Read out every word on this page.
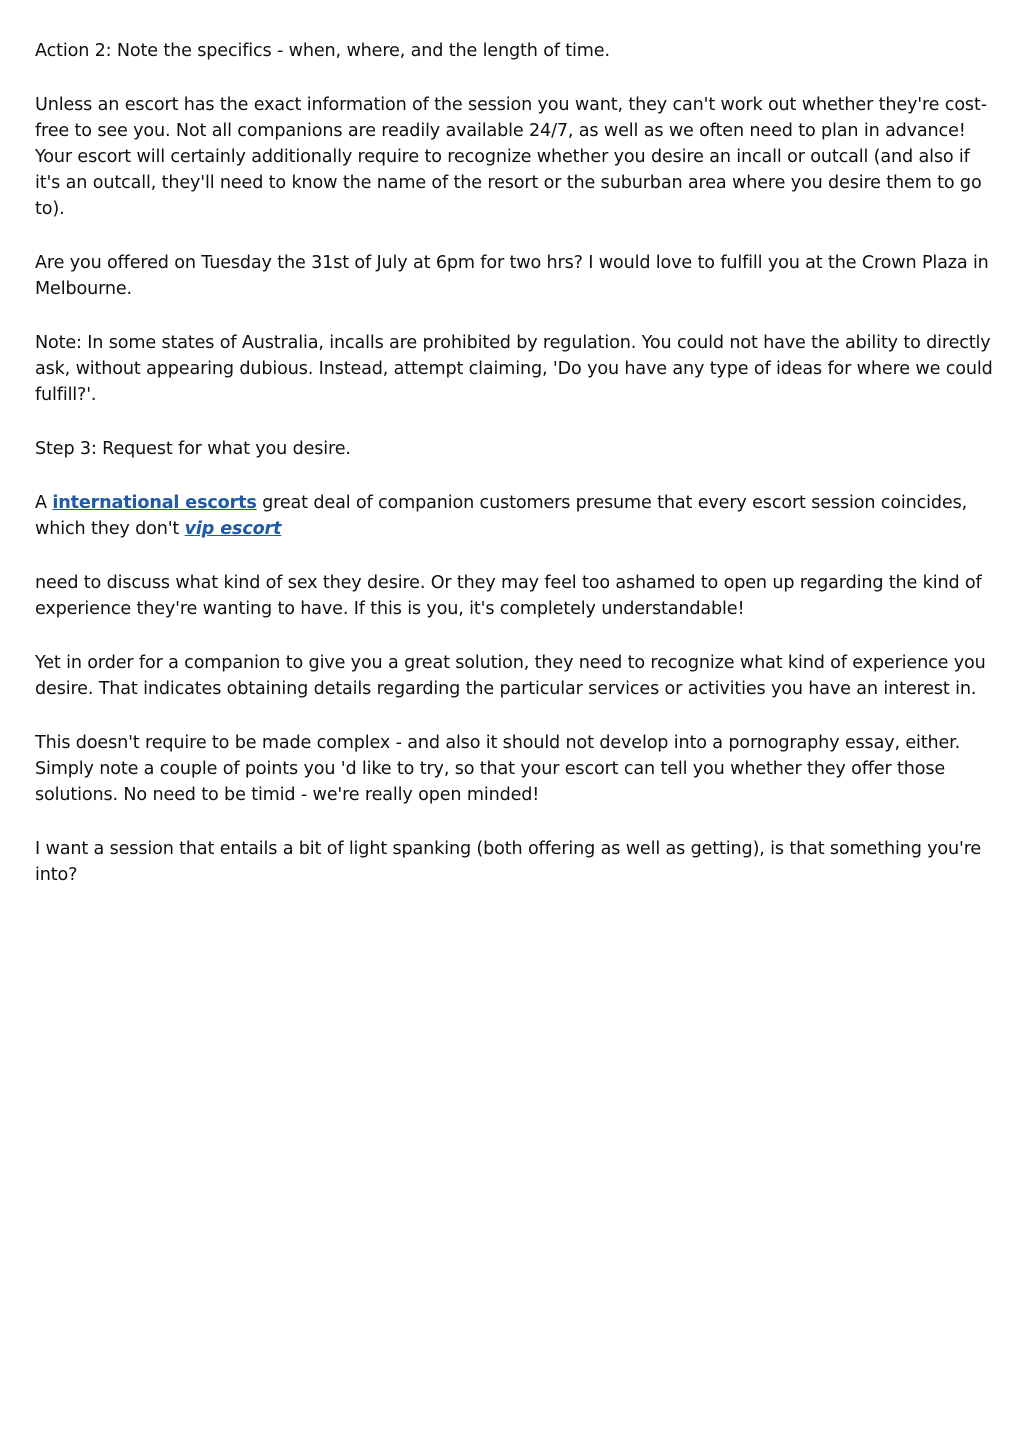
Action 2: Note the specifics - when, where, and the length of time.

Unless an escort has the exact information of the session you want, they can't work out whether they're cost-free to see you. Not all companions are readily available 24/7, as well as we often need to plan in advance! Your escort will certainly additionally require to recognize whether you desire an incall or outcall (and also if it's an outcall, they'll need to know the name of the resort or the suburban area where you desire them to go to).

Are you offered on Tuesday the 31st of July at 6pm for two hrs? I would love to fulfill you at the Crown Plaza in Melbourne.

Note: In some states of Australia, incalls are prohibited by regulation. You could not have the ability to directly ask, without appearing dubious. Instead, attempt claiming, 'Do you have any type of ideas for where we could fulfill?'.

Step 3: Request for what you desire.

A international escorts great deal of companion customers presume that every escort session coincides, which they don't vip escort

need to discuss what kind of sex they desire. Or they may feel too ashamed to open up regarding the kind of experience they're wanting to have. If this is you, it's completely understandable!

Yet in order for a companion to give you a great solution, they need to recognize what kind of experience you desire. That indicates obtaining details regarding the particular services or activities you have an interest in.

This doesn't require to be made complex - and also it should not develop into a pornography essay, either. Simply note a couple of points you 'd like to try, so that your escort can tell you whether they offer those solutions. No need to be timid - we're really open minded!

I want a session that entails a bit of light spanking (both offering as well as getting), is that something you're into?
